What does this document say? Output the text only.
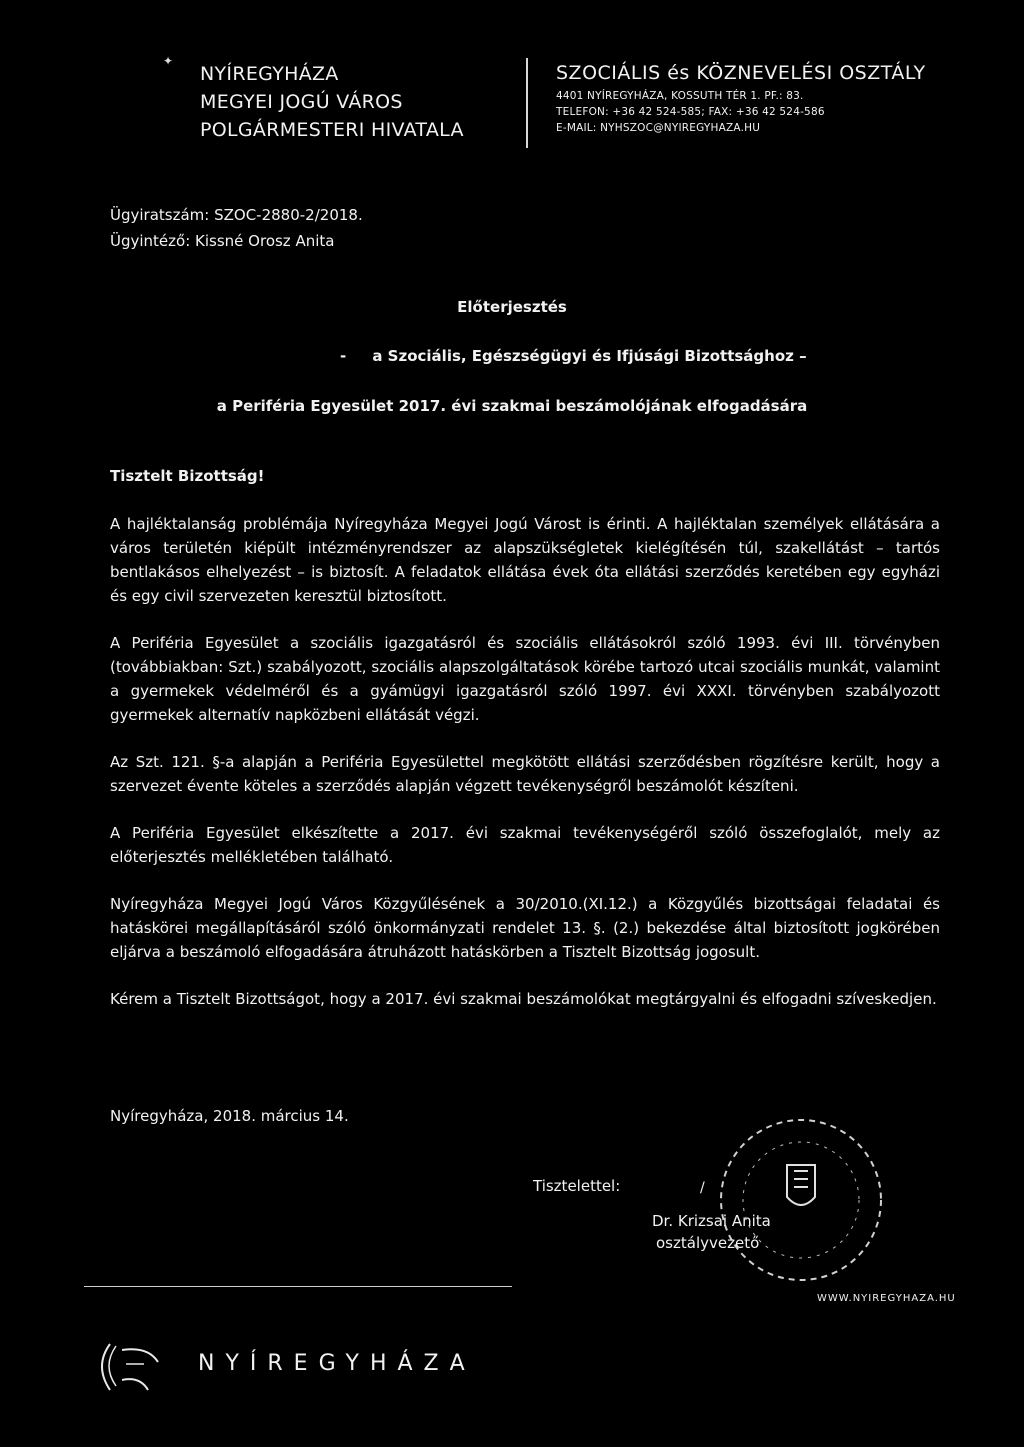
✦
NYÍREGYHÁZA
MEGYEI JOGÚ VÁROS
POLGÁRMESTERI HIVATALA
SZOCIÁLIS és KÖZNEVELÉSI OSZTÁLY
4401 NYÍREGYHÁZA, KOSSUTH TÉR 1. PF.: 83.
TELEFON: +36 42 524-585; FAX: +36 42 524-586
E-MAIL: NYHSZOC@NYIREGYHAZA.HU
Ügyiratszám: SZOC-2880-2/2018.
Ügyintéző: Kissné Orosz Anita
Előterjesztés
-     a Szociális, Egészségügyi és Ifjúsági Bizottsághoz –
a Periféria Egyesület 2017. évi szakmai beszámolójának elfogadására
Tisztelt Bizottság!

A hajléktalanság problémája Nyíregyháza Megyei Jogú Várost is érinti. A hajléktalan személyek ellátására a város területén kiépült intézményrendszer az alapszükségletek kielégítésén túl, szakellátást – tartós bentlakásos elhelyezést – is biztosít. A feladatok ellátása évek óta ellátási szerződés keretében egy egyházi és egy civil szervezeten keresztül biztosított.

A Periféria Egyesület a szociális igazgatásról és szociális ellátásokról szóló 1993. évi III. törvényben (továbbiakban: Szt.) szabályozott, szociális alapszolgáltatások körébe tartozó utcai szociális munkát, valamint a gyermekek védelméről és a gyámügyi igazgatásról szóló 1997. évi XXXI. törvényben szabályozott gyermekek alternatív napközbeni ellátását végzi.

Az Szt. 121. §-a alapján a Periféria Egyesülettel megkötött ellátási szerződésben rögzítésre került, hogy a szervezet évente köteles a szerződés alapján végzett tevékenységről beszámolót készíteni.

A Periféria Egyesület elkészítette a 2017. évi szakmai tevékenységéről szóló összefoglalót, mely az előterjesztés mellékletében található.

Nyíregyháza Megyei Jogú Város Közgyűlésének a 30/2010.(XI.12.) a Közgyűlés bizottságai feladatai és hatáskörei megállapításáról szóló önkormányzati rendelet 13. §. (2.) bekezdése által biztosított jogkörében eljárva a beszámoló elfogadására átruházott hatáskörben a Tisztelt Bizottság jogosult.

Kérem a Tisztelt Bizottságot, hogy a 2017. évi szakmai beszámolókat megtárgyalni és elfogadni szíveskedjen.

Nyíregyháza, 2018. március 14.
Tisztelettel:	/
Dr. Krizsai Anita
osztályvezető
WWW.NYIREGYHAZA.HU
NYÍREGYHÁZA
